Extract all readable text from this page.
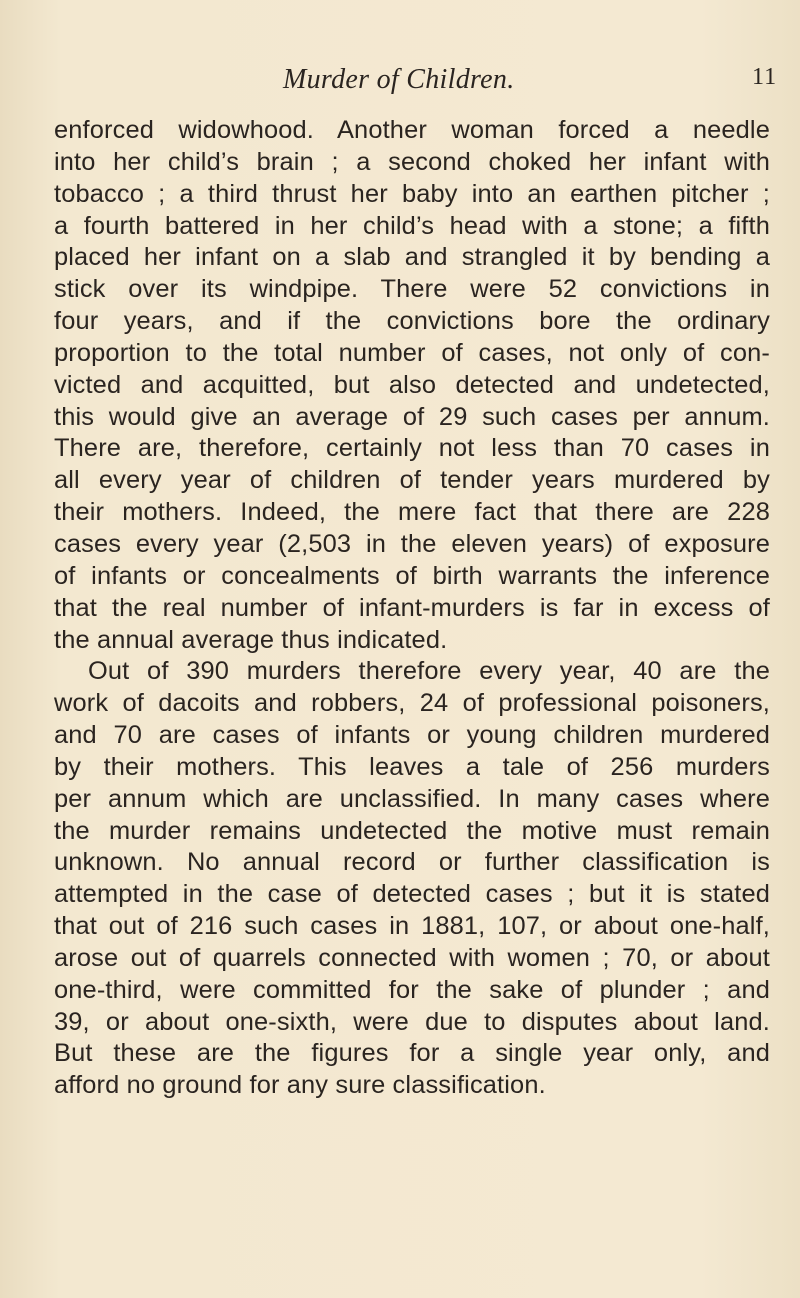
Murder of Children.	11
enforced widowhood. Another woman forced a needle
into her child’s brain ; a second choked her infant with
tobacco ; a third thrust her baby into an earthen pitcher ;
a fourth battered in her child’s head with a stone; a fifth
placed her infant on a slab and strangled it by bending a
stick over its windpipe. There were 52 convictions in
four years, and if the convictions bore the ordinary
proportion to the total number of cases, not only of con-
victed and acquitted, but also detected and undetected,
this would give an average of 29 such cases per annum.
There are, therefore, certainly not less than 70 cases in
all every year of children of tender years murdered by
their mothers. Indeed, the mere fact that there are 228
cases every year (2,503 in the eleven years) of exposure
of infants or concealments of birth warrants the inference
that the real number of infant-murders is far in excess of
the annual average thus indicated.
Out of 390 murders therefore every year, 40 are the
work of dacoits and robbers, 24 of professional poisoners,
and 70 are cases of infants or young children murdered
by their mothers. This leaves a tale of 256 murders
per annum which are unclassified. In many cases where
the murder remains undetected the motive must remain
unknown. No annual record or further classification is
attempted in the case of detected cases ; but it is stated
that out of 216 such cases in 1881, 107, or about one-half,
arose out of quarrels connected with women ; 70, or about
one-third, were committed for the sake of plunder ; and
39, or about one-sixth, were due to disputes about land.
But these are the figures for a single year only, and
afford no ground for any sure classification.
